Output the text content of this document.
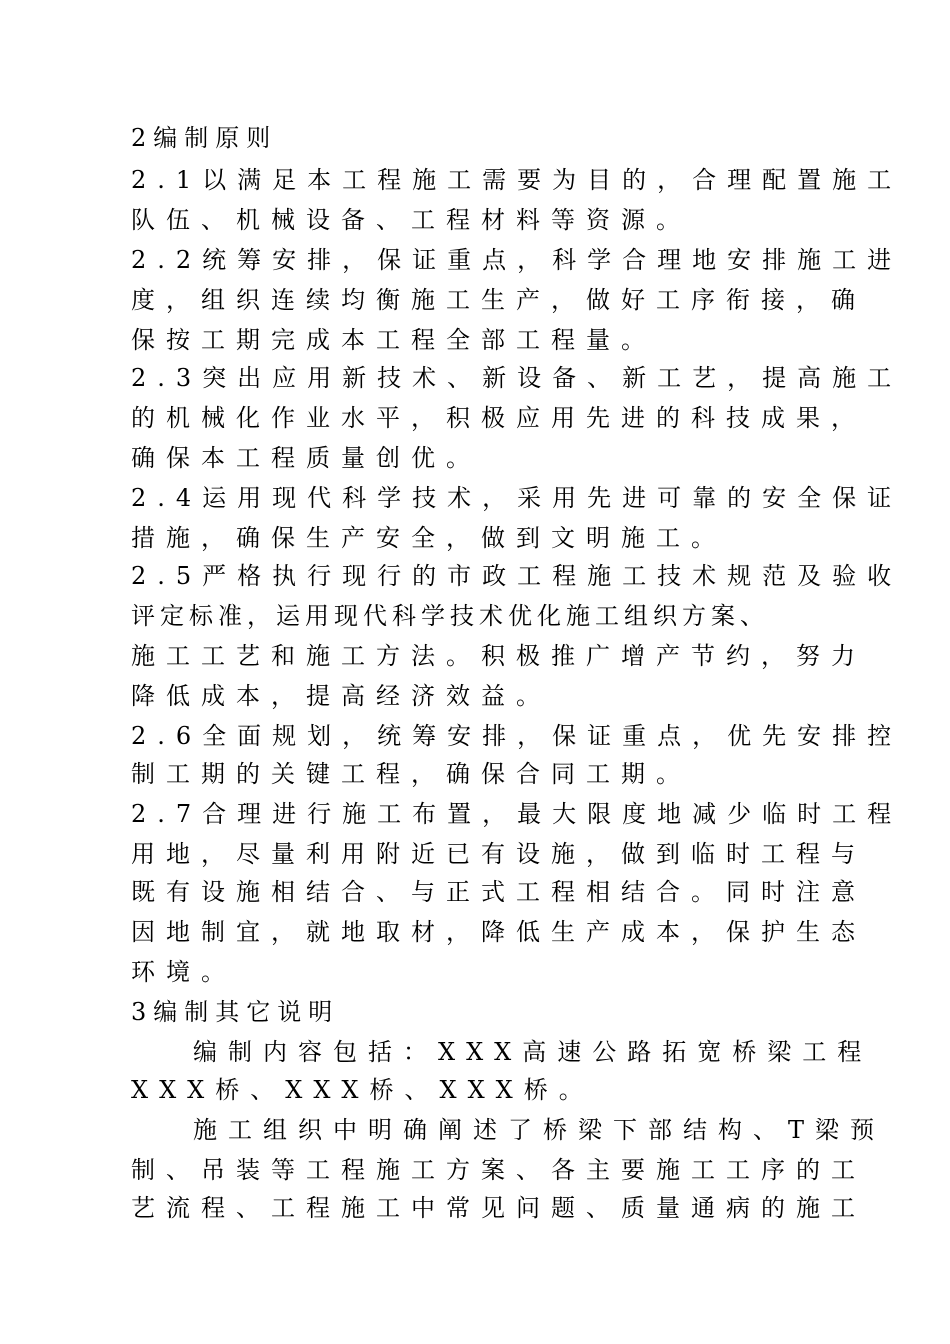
2编制原则
2.1以满足本工程施工需要为目的，合理配置施工
队伍、机械设备、工程材料等资源。
2.2统筹安排，保证重点，科学合理地安排施工进
度，组织连续均衡施工生产，做好工序衔接，确
保按工期完成本工程全部工程量。
2.3突出应用新技术、新设备、新工艺，提高施工
的机械化作业水平，积极应用先进的科技成果，
确保本工程质量创优。
2.4运用现代科学技术，采用先进可靠的安全保证
措施，确保生产安全，做到文明施工。
2.5严格执行现行的市政工程施工技术规范及验收
评定标准，运用现代科学技术优化施工组织方案、
施工工艺和施工方法。积极推广增产节约，努力
降低成本，提高经济效益。
2.6全面规划，统筹安排，保证重点，优先安排控
制工期的关键工程，确保合同工期。
2.7合理进行施工布置，最大限度地减少临时工程
用地，尽量利用附近已有设施，做到临时工程与
既有设施相结合、与正式工程相结合。同时注意
因地制宜，就地取材，降低生产成本，保护生态
环境。
3编制其它说明
编制内容包括：XXX高速公路拓宽桥梁工程
XXX桥、XXX桥、XXX桥。
施工组织中明确阐述了桥梁下部结构、T梁预
制、吊装等工程施工方案、各主要施工工序的工
艺流程、工程施工中常见问题、质量通病的施工
